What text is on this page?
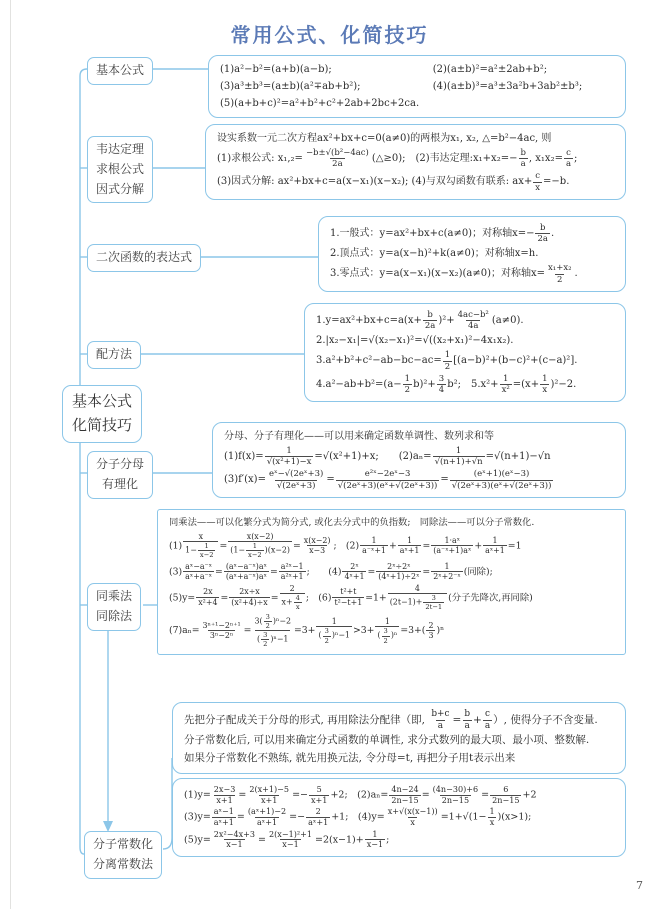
常用公式、化简技巧
基本公式
韦达定理
求根公式
因式分解
二次函数的表达式
配方法
基本公式
化简技巧
分子分母
有理化
同乘法
同除法
分子常数化
分离常数法
(1)a²−b²=(a+b)(a−b);	(2)(a±b)²=a²±2ab+b²;
(3)a³±b³=(a±b)(a²∓ab+b²);	(4)(a±b)³=a³±3a²b+3ab²±b³;
(5)(a+b+c)²=a²+b²+c²+2ab+2bc+2ca.
设实系数一元二次方程ax²+bx+c=0(a≠0)的两根为x₁, x₂, △=b²−4ac, 则
(1)求根公式: $x_1,_2= \frac{\text{−b±√(b²−4ac)}}{2a}$ (△≥0);　(2)韦达定理:x₁+x₂=− $\frac{b}{a}$ , $x_1x_2= \frac{c}{a}$ ;
(3)因式分解: ax²+bx+c=a(x−x₁)(x−x₂); (4)与双勾函数有联系: $ax+ \frac{c}{x} =-b$.
1.一般式：y=ax²+bx+c(a≠0)；对称轴$x=- \frac{b}{2a}$ .
2.顶点式：y=a(x−h)²+k(a≠0)；对称轴x=h.
3.零点式：y=a(x−x₁)(x−x₂)(a≠0)；对称轴$x= \frac{\text{x₁+x₂}}{2}$ .
$1.y=ax^2+bx+c=a(x+ \frac{b}{2a} )^2+ \frac{\text{4ac−b²}}{4a} (a\ne 0)$.
2.|x₂−x₁|=√(x₂−x₁)²=√((x₂+x₁)²−4x₁x₂).
$3.a^2+b^2+c^2-ab-bc-ac= \frac{1}{2} [(a-b)^2+(b-c)^2+(c-a)^2]$.
$4.a^2-ab+b^2=(a- \frac{1}{2} b)^2+ \frac{3}{4} b^2$;　$5.x^2+ \frac{1}{\text{x²}} =(x+ \frac{1}{x} )^2-2$.
分母、分子有理化——可以用来确定函数单调性、数列求和等
$(1)f(x)= \frac{1}{\text{√(x²+1)−x}} =√(x^2+1)+x$;　　$(2)a_n= \frac{1}{√(n+1)+√n} =√(n+1)-√n$
$(3)f'(x)= \frac{\text{eˣ−√(2eˣ+3)}}{\text{√(2eˣ+3)}} = \frac{\text{e²ˣ−2eˣ−3}}{\text{√(2eˣ+3)(eˣ+√(2eˣ+3))}} = \frac{\text{(eˣ+1)(eˣ−3)}}{\text{√(2eˣ+3)(eˣ+√(2eˣ+3))}}$
同乘法——可以化繁分式为简分式, 或化去分式中的负指数;　同除法——可以分子常数化.
$(1) \frac{x}{1- \frac{1}{x-2}} = \frac{x(x-2)}{(1- \frac{1}{x-2} )(x-2)} = \frac{x(x-2)}{x-3}$ ;　$(2) \frac{1}{\text{a⁻ˣ+1}} + \frac{1}{\text{aˣ+1}} = \frac{\text{1·aˣ}}{\text{(a⁻ˣ+1)aˣ}} + \frac{1}{\text{aˣ+1}} =1$
$(3) \frac{\text{aˣ−a⁻ˣ}}{\text{aˣ+a⁻ˣ}} = \frac{\text{(aˣ−a⁻ˣ)aˣ}}{\text{(aˣ+a⁻ˣ)aˣ}} = \frac{\text{a²ˣ−1}}{\text{a²ˣ+1}}$ ;　　$(4) \frac{\text{2ˣ}}{\text{4ˣ+1}} = \frac{\text{2ˣ÷2ˣ}}{\text{(4ˣ+1)÷2ˣ}} = \frac{1}{\text{2ˣ+2⁻ˣ}}$ (同除);
$(5)y= \frac{2x}{\text{x²+4}} = \frac{2x\div x}{\text{(x²+4)÷x}} = \frac{2}{x+ \frac{4}{x}}$ ;　$(6) \frac{\text{t²+t}}{\text{t²−t+1}} =1+ \frac{4}{(2t-1)+ \frac{3}{2t-1}}$ (分子先降次,再同除)
$(7)a_n= \frac{\text{3ⁿ⁺¹−2ⁿ⁺¹}}{\text{3ⁿ−2ⁿ}} = \frac{3( \frac{3}{2} )^n-2}{( \frac{3}{2} )^n-1} =3+ \frac{1}{( \frac{3}{2} )^n-1} >3+ \frac{1}{( \frac{3}{2} )^n} =3+( \frac{2}{3} )^n$
先把分子配成关于分母的形式, 再用除法分配律（即, $\frac{b+c}{a} = \frac{b}{a} + \frac{c}{a}$ ）, 使得分子不含变量.
分子常数化后, 可以用来确定分式函数的单调性, 求分式数列的最大项、最小项、整数解.
如果分子常数化不熟练, 就先用换元法, 令分母=t, 再把分子用t表示出来
$(1)y= \frac{2x-3}{x+1} = \frac{2(x+1)-5}{x+1} =- \frac{5}{x+1} +2$;　$(2)a_n= \frac{4n-24}{2n-15} = \frac{(4n-30)+6}{2n-15} = \frac{6}{2n-15} +2$
$(3)y= \frac{\text{aˣ−1}}{\text{aˣ+1}} = \frac{\text{(aˣ+1)−2}}{\text{aˣ+1}} =- \frac{2}{\text{aˣ+1}} +1$;　$(4)y= \frac{x+√(x(x-1))}{x} =1+√(1- \frac{1}{x} )(x>1)$;
$(5)y= \frac{\text{2x²−4x+3}}{x-1} = \frac{\text{2(x−1)²+1}}{x-1} =2(x-1)+ \frac{1}{x-1}$ ;
7
